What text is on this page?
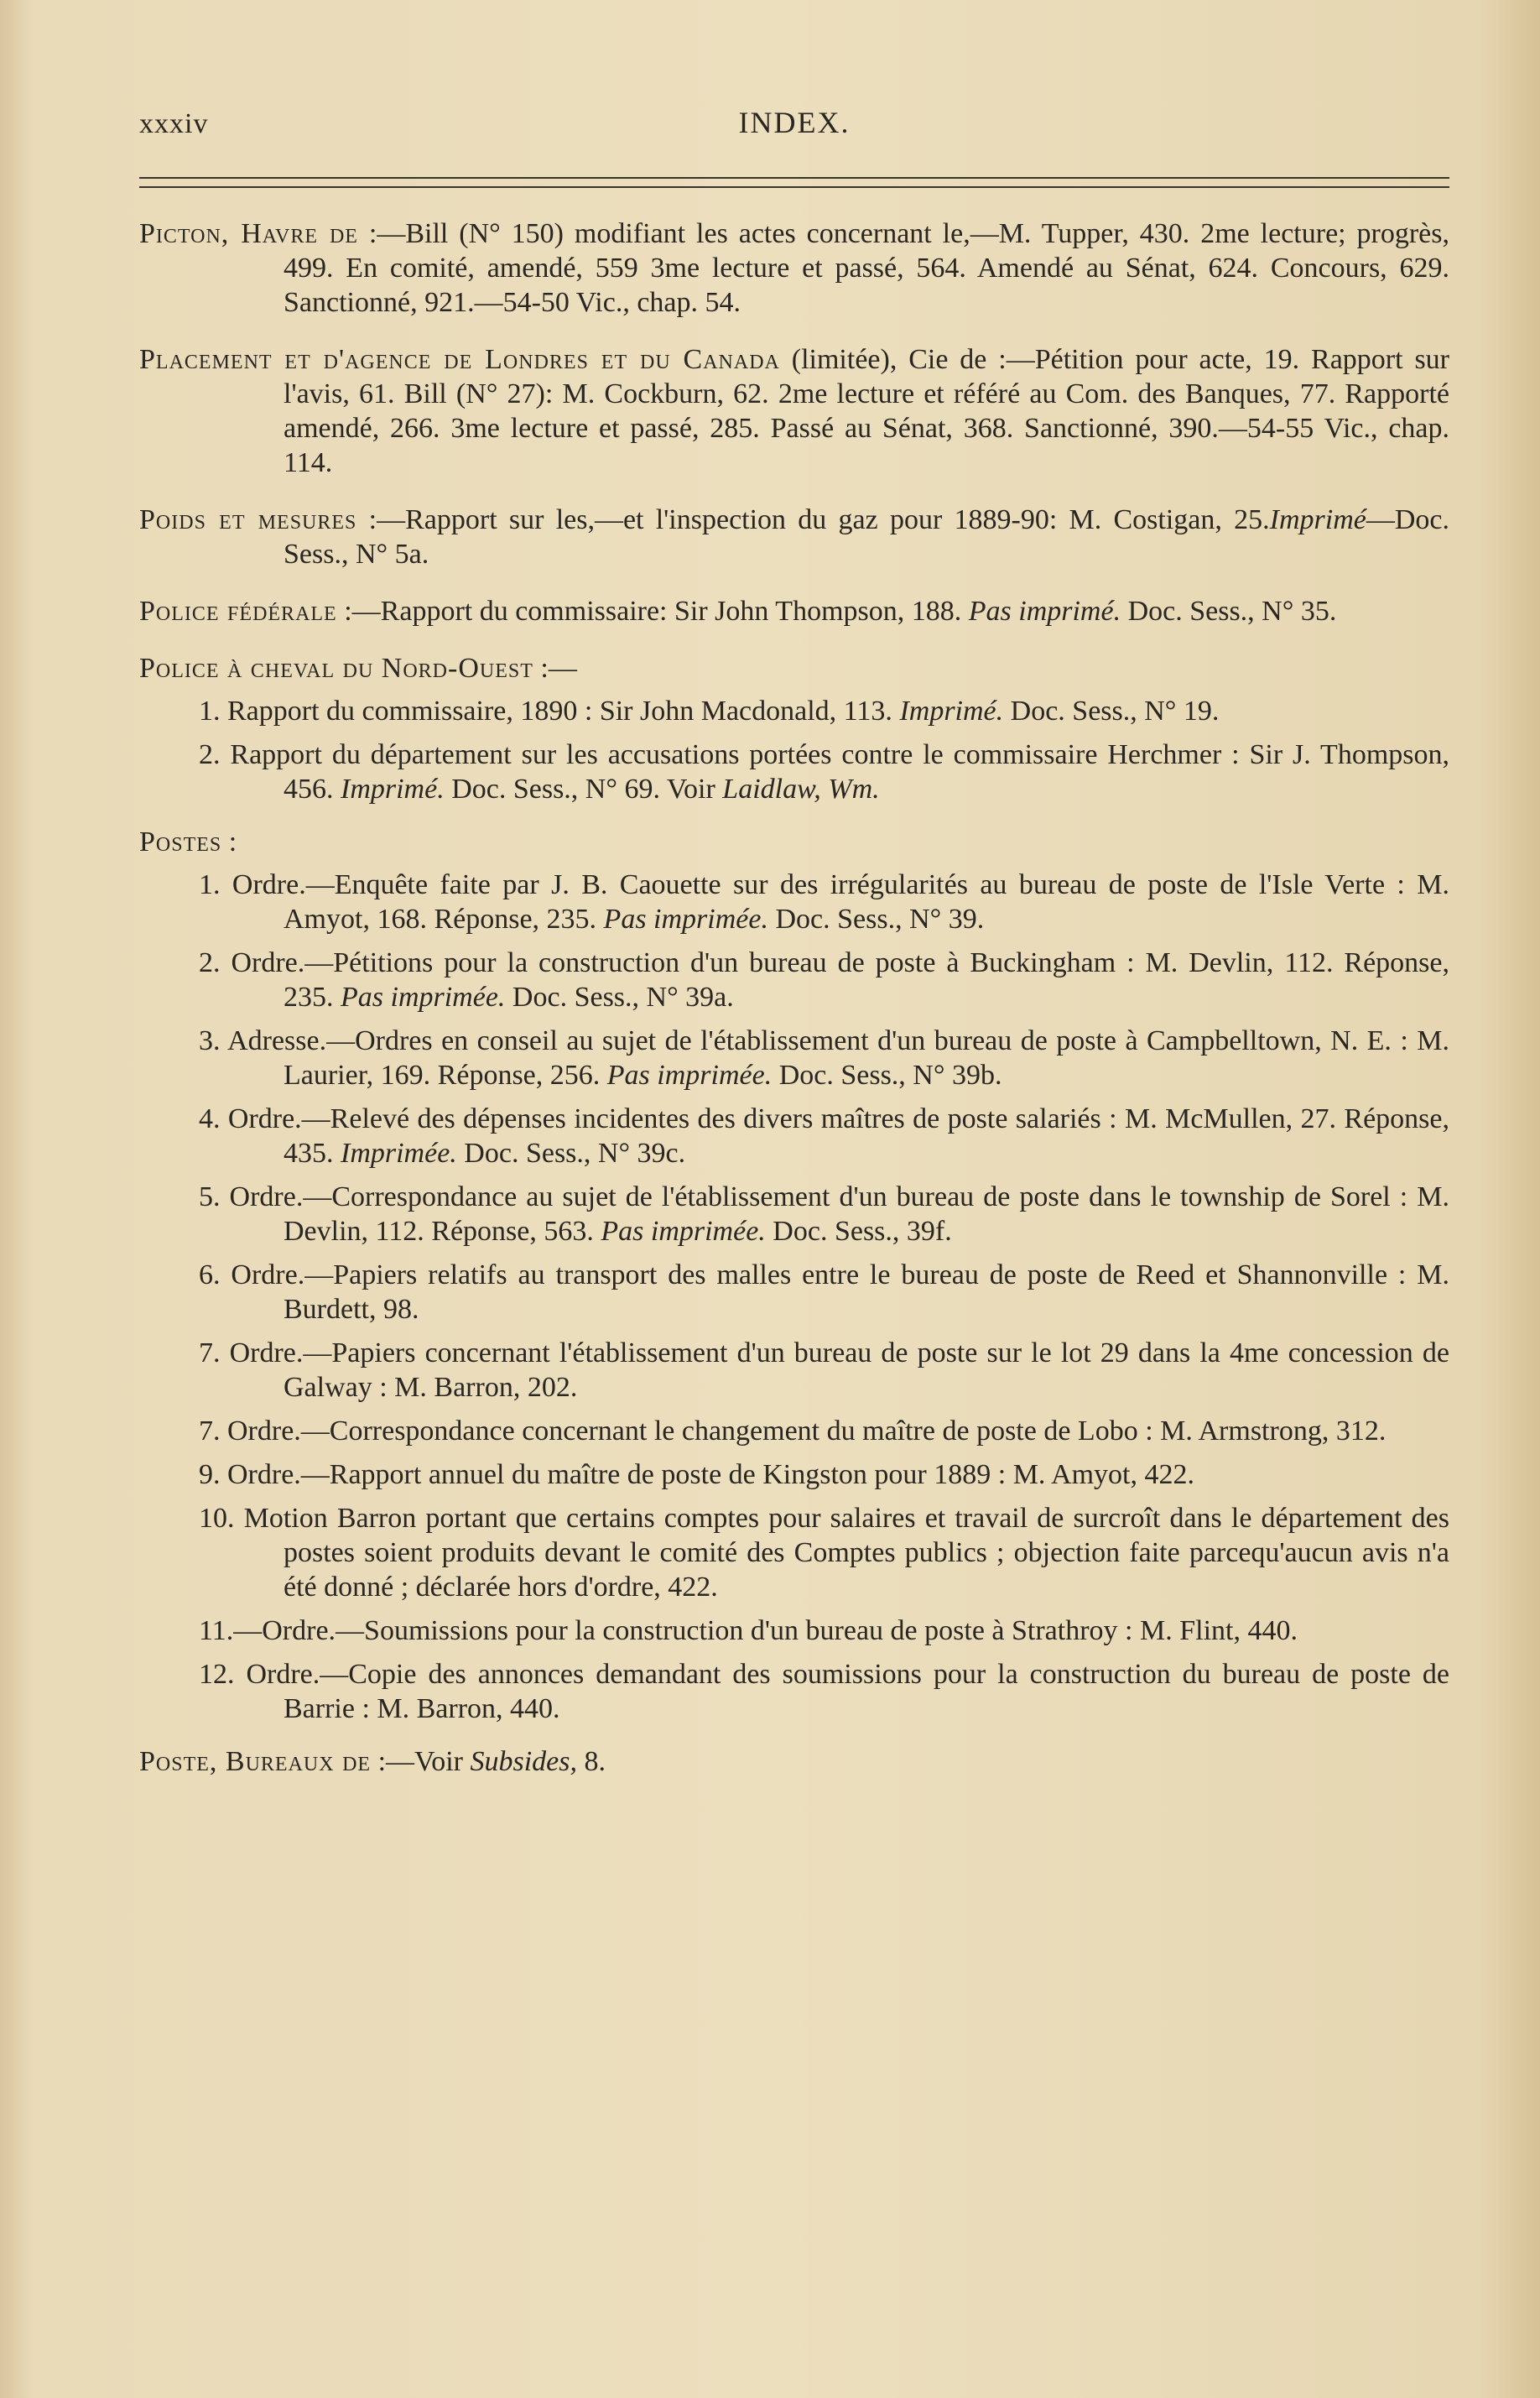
xxxiv	INDEX.
Picton, Havre de :—Bill (N° 150) modifiant les actes concernant le,—M. Tupper, 430. 2me lecture; progrès, 499. En comité, amendé, 559 3me lecture et passé, 564. Amendé au Sénat, 624. Concours, 629. Sanctionné, 921.—54-50 Vic., chap. 54.
Placement et d'agence de Londres et du Canada (limitée), Cie de :—Pétition pour acte, 19. Rapport sur l'avis, 61. Bill (N° 27): M. Cockburn, 62. 2me lecture et référé au Com. des Banques, 77. Rapporté amendé, 266. 3me lecture et passé, 285. Passé au Sénat, 368. Sanctionné, 390.—54-55 Vic., chap. 114.
Poids et mesures :—Rapport sur les,—et l'inspection du gaz pour 1889-90: M. Costigan, 25.Imprimé—Doc. Sess., N° 5a.
Police fédérale :—Rapport du commissaire: Sir John Thompson, 188. Pas imprimé. Doc. Sess., N° 35.
Police à cheval du Nord-Ouest :—
1. Rapport du commissaire, 1890 : Sir John Macdonald, 113. Imprimé. Doc. Sess., N° 19.
2. Rapport du département sur les accusations portées contre le commissaire Herchmer : Sir J. Thompson, 456. Imprimé. Doc. Sess., N° 69. Voir Laidlaw, Wm.
Postes :
1. Ordre.—Enquête faite par J. B. Caouette sur des irrégularités au bureau de poste de l'Isle Verte : M. Amyot, 168. Réponse, 235. Pas imprimée. Doc. Sess., N° 39.
2. Ordre.—Pétitions pour la construction d'un bureau de poste à Buckingham : M. Devlin, 112. Réponse, 235. Pas imprimée. Doc. Sess., N° 39a.
3. Adresse.—Ordres en conseil au sujet de l'établissement d'un bureau de poste à Campbelltown, N. E. : M. Laurier, 169. Réponse, 256. Pas imprimée. Doc. Sess., N° 39b.
4. Ordre.—Relevé des dépenses incidentes des divers maîtres de poste salariés : M. McMullen, 27. Réponse, 435. Imprimée. Doc. Sess., N° 39c.
5. Ordre.—Correspondance au sujet de l'établissement d'un bureau de poste dans le township de Sorel : M. Devlin, 112. Réponse, 563. Pas imprimée. Doc. Sess., 39f.
6. Ordre.—Papiers relatifs au transport des malles entre le bureau de poste de Reed et Shannonville : M. Burdett, 98.
7. Ordre.—Papiers concernant l'établissement d'un bureau de poste sur le lot 29 dans la 4me concession de Galway : M. Barron, 202.
7. Ordre.—Correspondance concernant le changement du maître de poste de Lobo : M. Armstrong, 312.
9. Ordre.—Rapport annuel du maître de poste de Kingston pour 1889 : M. Amyot, 422.
10. Motion Barron portant que certains comptes pour salaires et travail de surcroît dans le département des postes soient produits devant le comité des Comptes publics ; objection faite parcequ'aucun avis n'a été donné ; déclarée hors d'ordre, 422.
11.—Ordre.—Soumissions pour la construction d'un bureau de poste à Strathroy : M. Flint, 440.
12. Ordre.—Copie des annonces demandant des soumissions pour la construction du bureau de poste de Barrie : M. Barron, 440.
Poste, Bureaux de :—Voir Subsides, 8.
